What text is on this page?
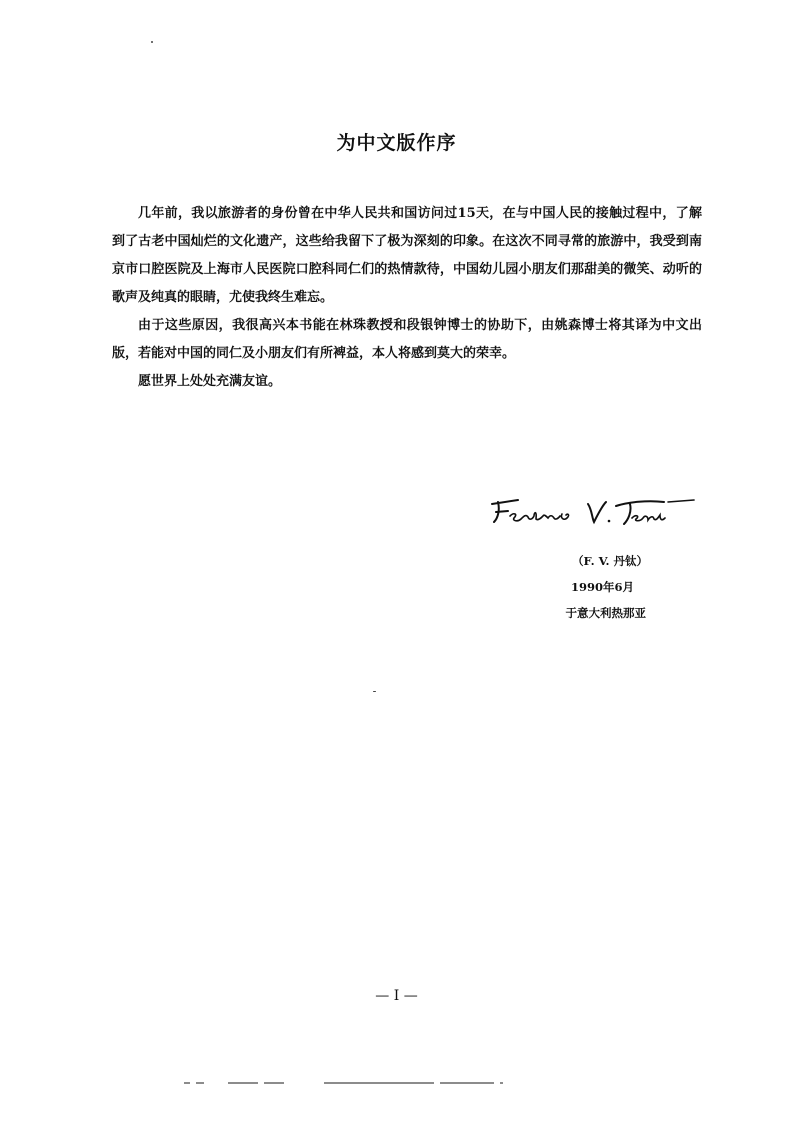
为中文版作序

几年前，我以旅游者的身份曾在中华人民共和国访问过15天，在与中国人民的接触过程中，了解到了古老中国灿烂的文化遗产，这些给我留下了极为深刻的印象。在这次不同寻常的旅游中，我受到南京市口腔医院及上海市人民医院口腔科同仁们的热情款待，中国幼儿园小朋友们那甜美的微笑、动听的歌声及纯真的眼睛，尤使我终生难忘。

由于这些原因，我很高兴本书能在林珠教授和段银钟博士的协助下，由姚森博士将其译为中文出版，若能对中国的同仁及小朋友们有所裨益，本人将感到莫大的荣幸。

愿世界上处处充满友谊。

（F. V. 丹钛）
1990年6月
于意大利热那亚
— I —
